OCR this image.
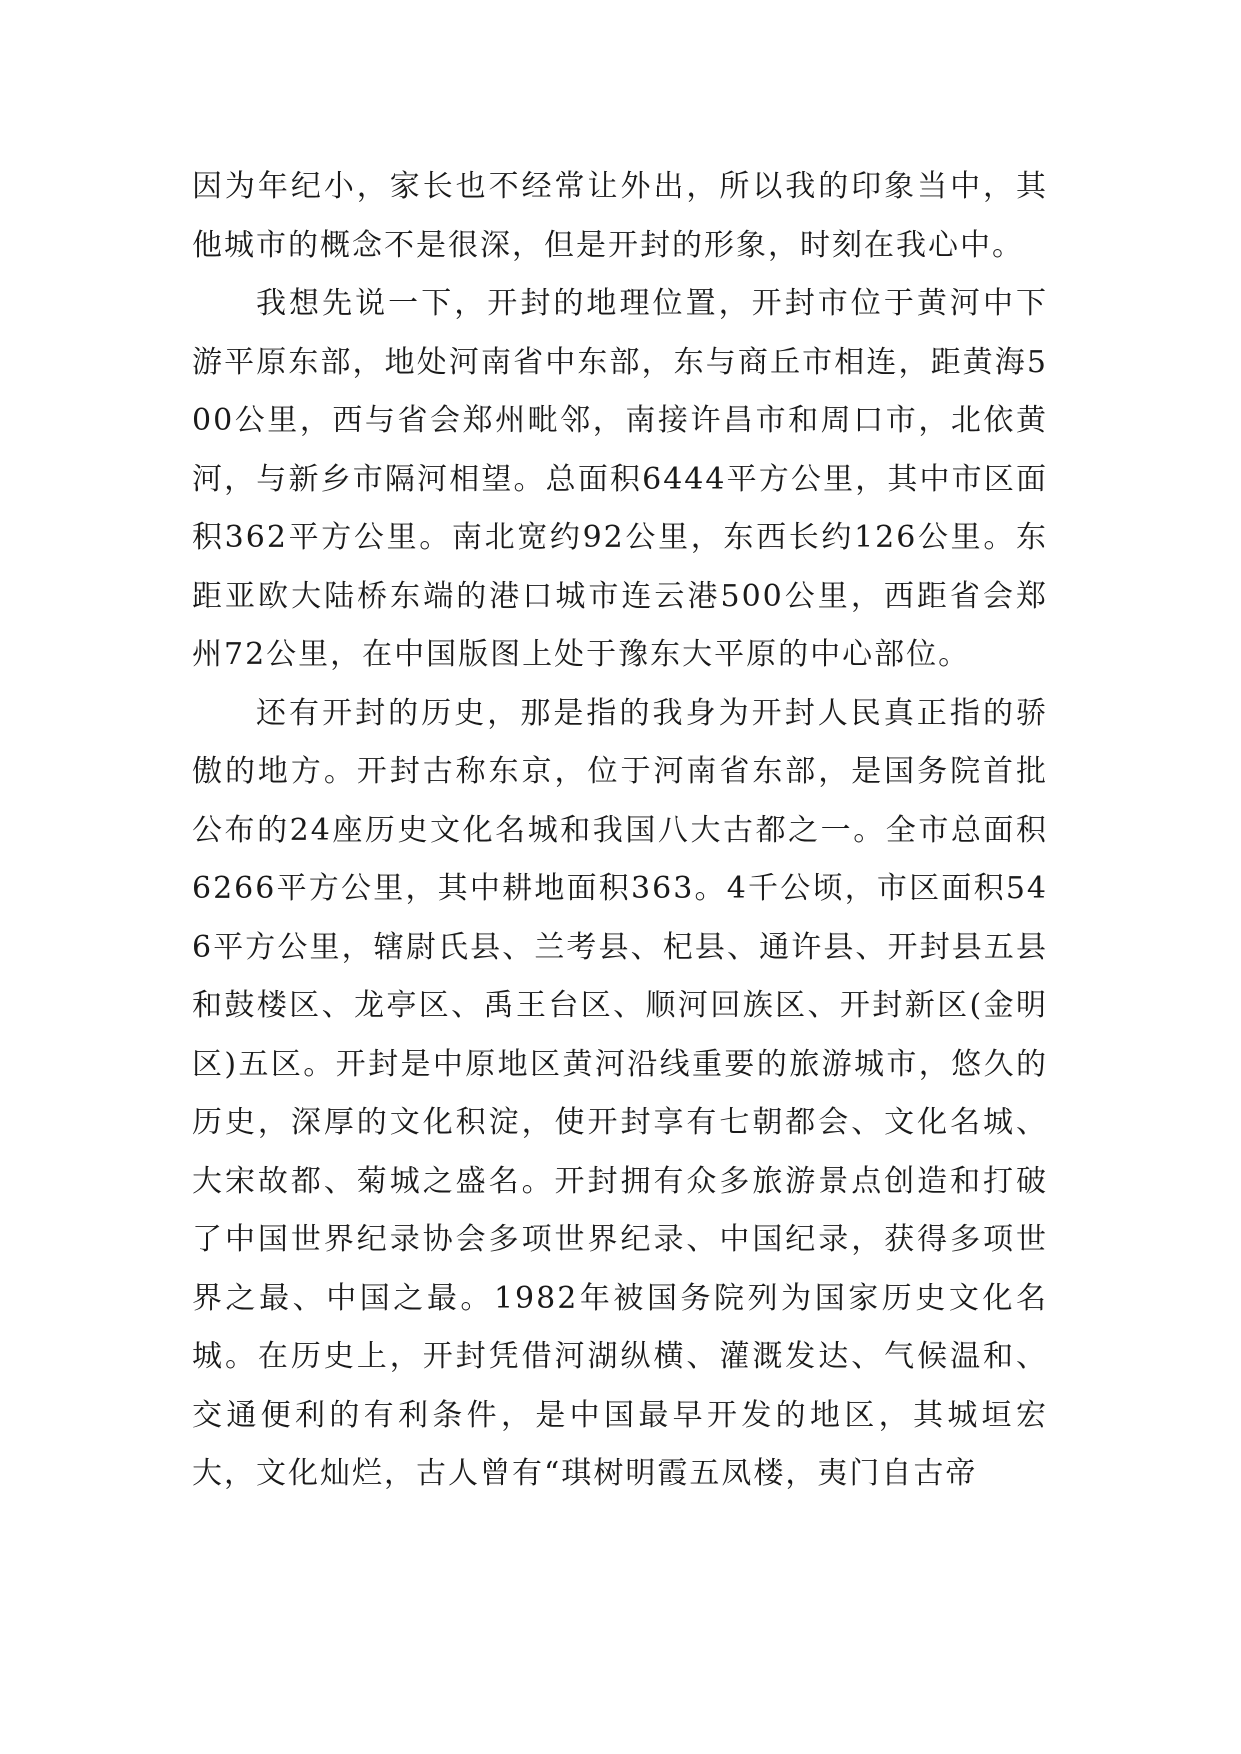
因为年纪小，家长也不经常让外出，所以我的印象当中，其他城市的概念不是很深，但是开封的形象，时刻在我心中。

我想先说一下，开封的地理位置，开封市位于黄河中下游平原东部，地处河南省中东部，东与商丘市相连，距黄海500公里，西与省会郑州毗邻，南接许昌市和周口市，北依黄河，与新乡市隔河相望。总面积6444平方公里，其中市区面积362平方公里。南北宽约92公里，东西长约126公里。东距亚欧大陆桥东端的港口城市连云港500公里，西距省会郑州72公里，在中国版图上处于豫东大平原的中心部位。

还有开封的历史，那是指的我身为开封人民真正指的骄傲的地方。开封古称东京，位于河南省东部，是国务院首批公布的24座历史文化名城和我国八大古都之一。全市总面积6266平方公里，其中耕地面积363。4千公顷，市区面积546平方公里，辖尉氏县、兰考县、杞县、通许县、开封县五县和鼓楼区、龙亭区、禹王台区、顺河回族区、开封新区(金明区)五区。开封是中原地区黄河沿线重要的旅游城市，悠久的历史，深厚的文化积淀，使开封享有七朝都会、文化名城、大宋故都、菊城之盛名。开封拥有众多旅游景点创造和打破了中国世界纪录协会多项世界纪录、中国纪录，获得多项世界之最、中国之最。1982年被国务院列为国家历史文化名城。在历史上，开封凭借河湖纵横、灌溉发达、气候温和、交通便利的有利条件，是中国最早开发的地区，其城垣宏大，文化灿烂，古人曾有“琪树明霞五凤楼，夷门自古帝
